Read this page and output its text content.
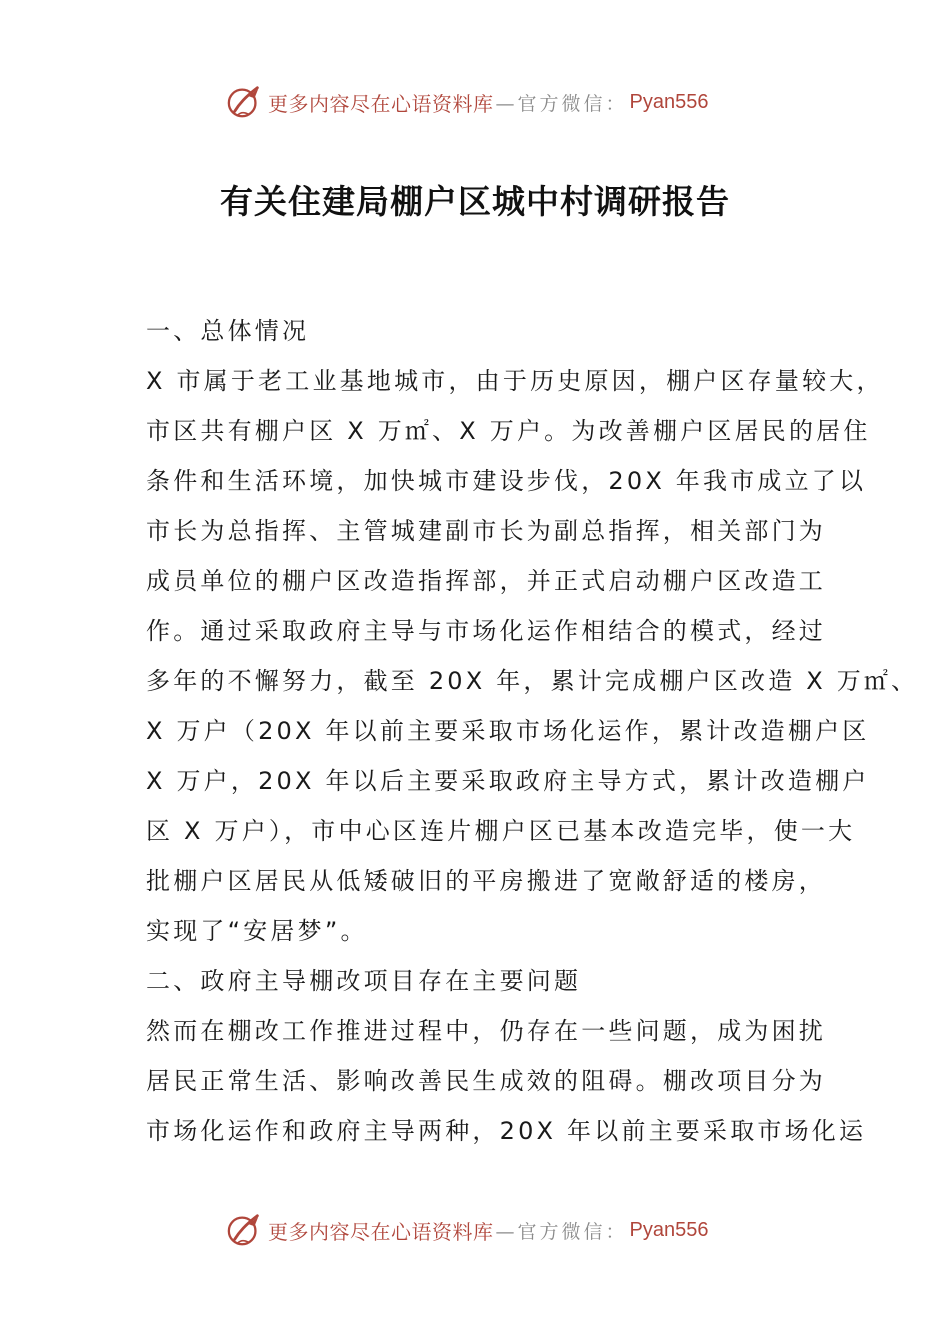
更多内容尽在心语资料库 —官方微信： Pyan556
有关住建局棚户区城中村调研报告
一、总体情况
X 市属于老工业基地城市，由于历史原因，棚户区存量较大，
市区共有棚户区 X 万㎡、X 万户。为改善棚户区居民的居住
条件和生活环境，加快城市建设步伐，20X 年我市成立了以
市长为总指挥、主管城建副市长为副总指挥，相关部门为
成员单位的棚户区改造指挥部，并正式启动棚户区改造工
作。通过采取政府主导与市场化运作相结合的模式，经过
多年的不懈努力，截至 20X 年，累计完成棚户区改造 X 万㎡、
X 万户（20X 年以前主要采取市场化运作，累计改造棚户区
X 万户，20X 年以后主要采取政府主导方式，累计改造棚户
区 X 万户），市中心区连片棚户区已基本改造完毕，使一大
批棚户区居民从低矮破旧的平房搬进了宽敞舒适的楼房，
实现了“安居梦”。
二、政府主导棚改项目存在主要问题
然而在棚改工作推进过程中，仍存在一些问题，成为困扰
居民正常生活、影响改善民生成效的阻碍。棚改项目分为
市场化运作和政府主导两种，20X 年以前主要采取市场化运
更多内容尽在心语资料库 —官方微信： Pyan556
